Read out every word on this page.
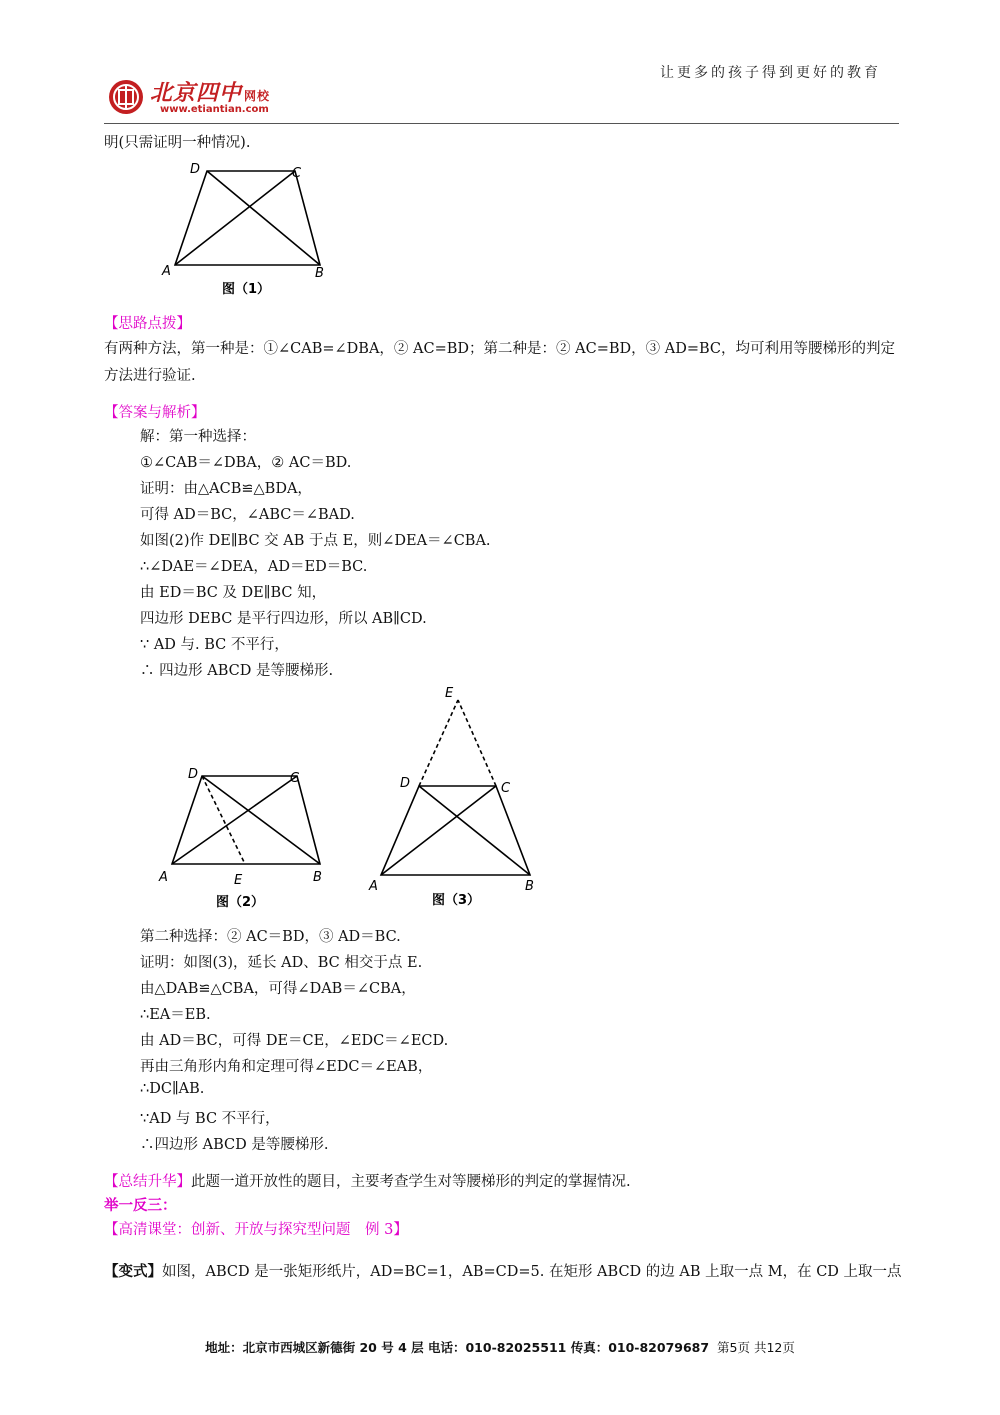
让更多的孩子得到更好的教育
北京四中 网校
www.etiantian.com
明(只需证明一种情况).
A	B
C
D
图（1）
【思路点拨】
有两种方法，第一种是：①∠CAB=∠DBA，② AC=BD；第二种是：② AC=BD，③ AD=BC，均可利用等腰梯形的判定方法进行验证.
【答案与解析】
解：第一种选择：
①∠CAB＝∠DBA，② AC＝BD.
证明：由△ACB≌△BDA，
可得 AD＝BC，∠ABC＝∠BAD.
如图(2)作 DE∥BC 交 AB 于点 E，则∠DEA＝∠CBA.
∴∠DAE＝∠DEA，AD＝ED＝BC.
由 ED＝BC 及 DE∥BC 知，
四边形 DEBC 是平行四边形，所以 AB∥CD.
∵ AD 与. BC 不平行，
∴ 四边形 ABCD 是等腰梯形.
A	B
C
D
E
图（2）
A	B
C
D
E
图（3）
第二种选择：② AC＝BD，③ AD＝BC.
证明：如图(3)，延长 AD、BC 相交于点 E.
由△DAB≌△CBA，可得∠DAB＝∠CBA，
∴EA＝EB.
由 AD＝BC，可得 DE＝CE，∠EDC＝∠ECD.
再由三角形内角和定理可得∠EDC＝∠EAB，
∴DC∥AB.
∵AD 与 BC 不平行，
∴四边形 ABCD 是等腰梯形.
【总结升华】此题一道开放性的题目，主要考查学生对等腰梯形的判定的掌握情况.
举一反三：
【高清课堂：创新、开放与探究型问题　例 3】
【变式】如图，ABCD 是一张矩形纸片，AD=BC=1，AB=CD=5. 在矩形 ABCD 的边 AB 上取一点 M，在 CD 上取一点
地址：北京市西城区新德街 20 号 4 层 电话：010-82025511 传真：010-82079687 第5页 共12页
